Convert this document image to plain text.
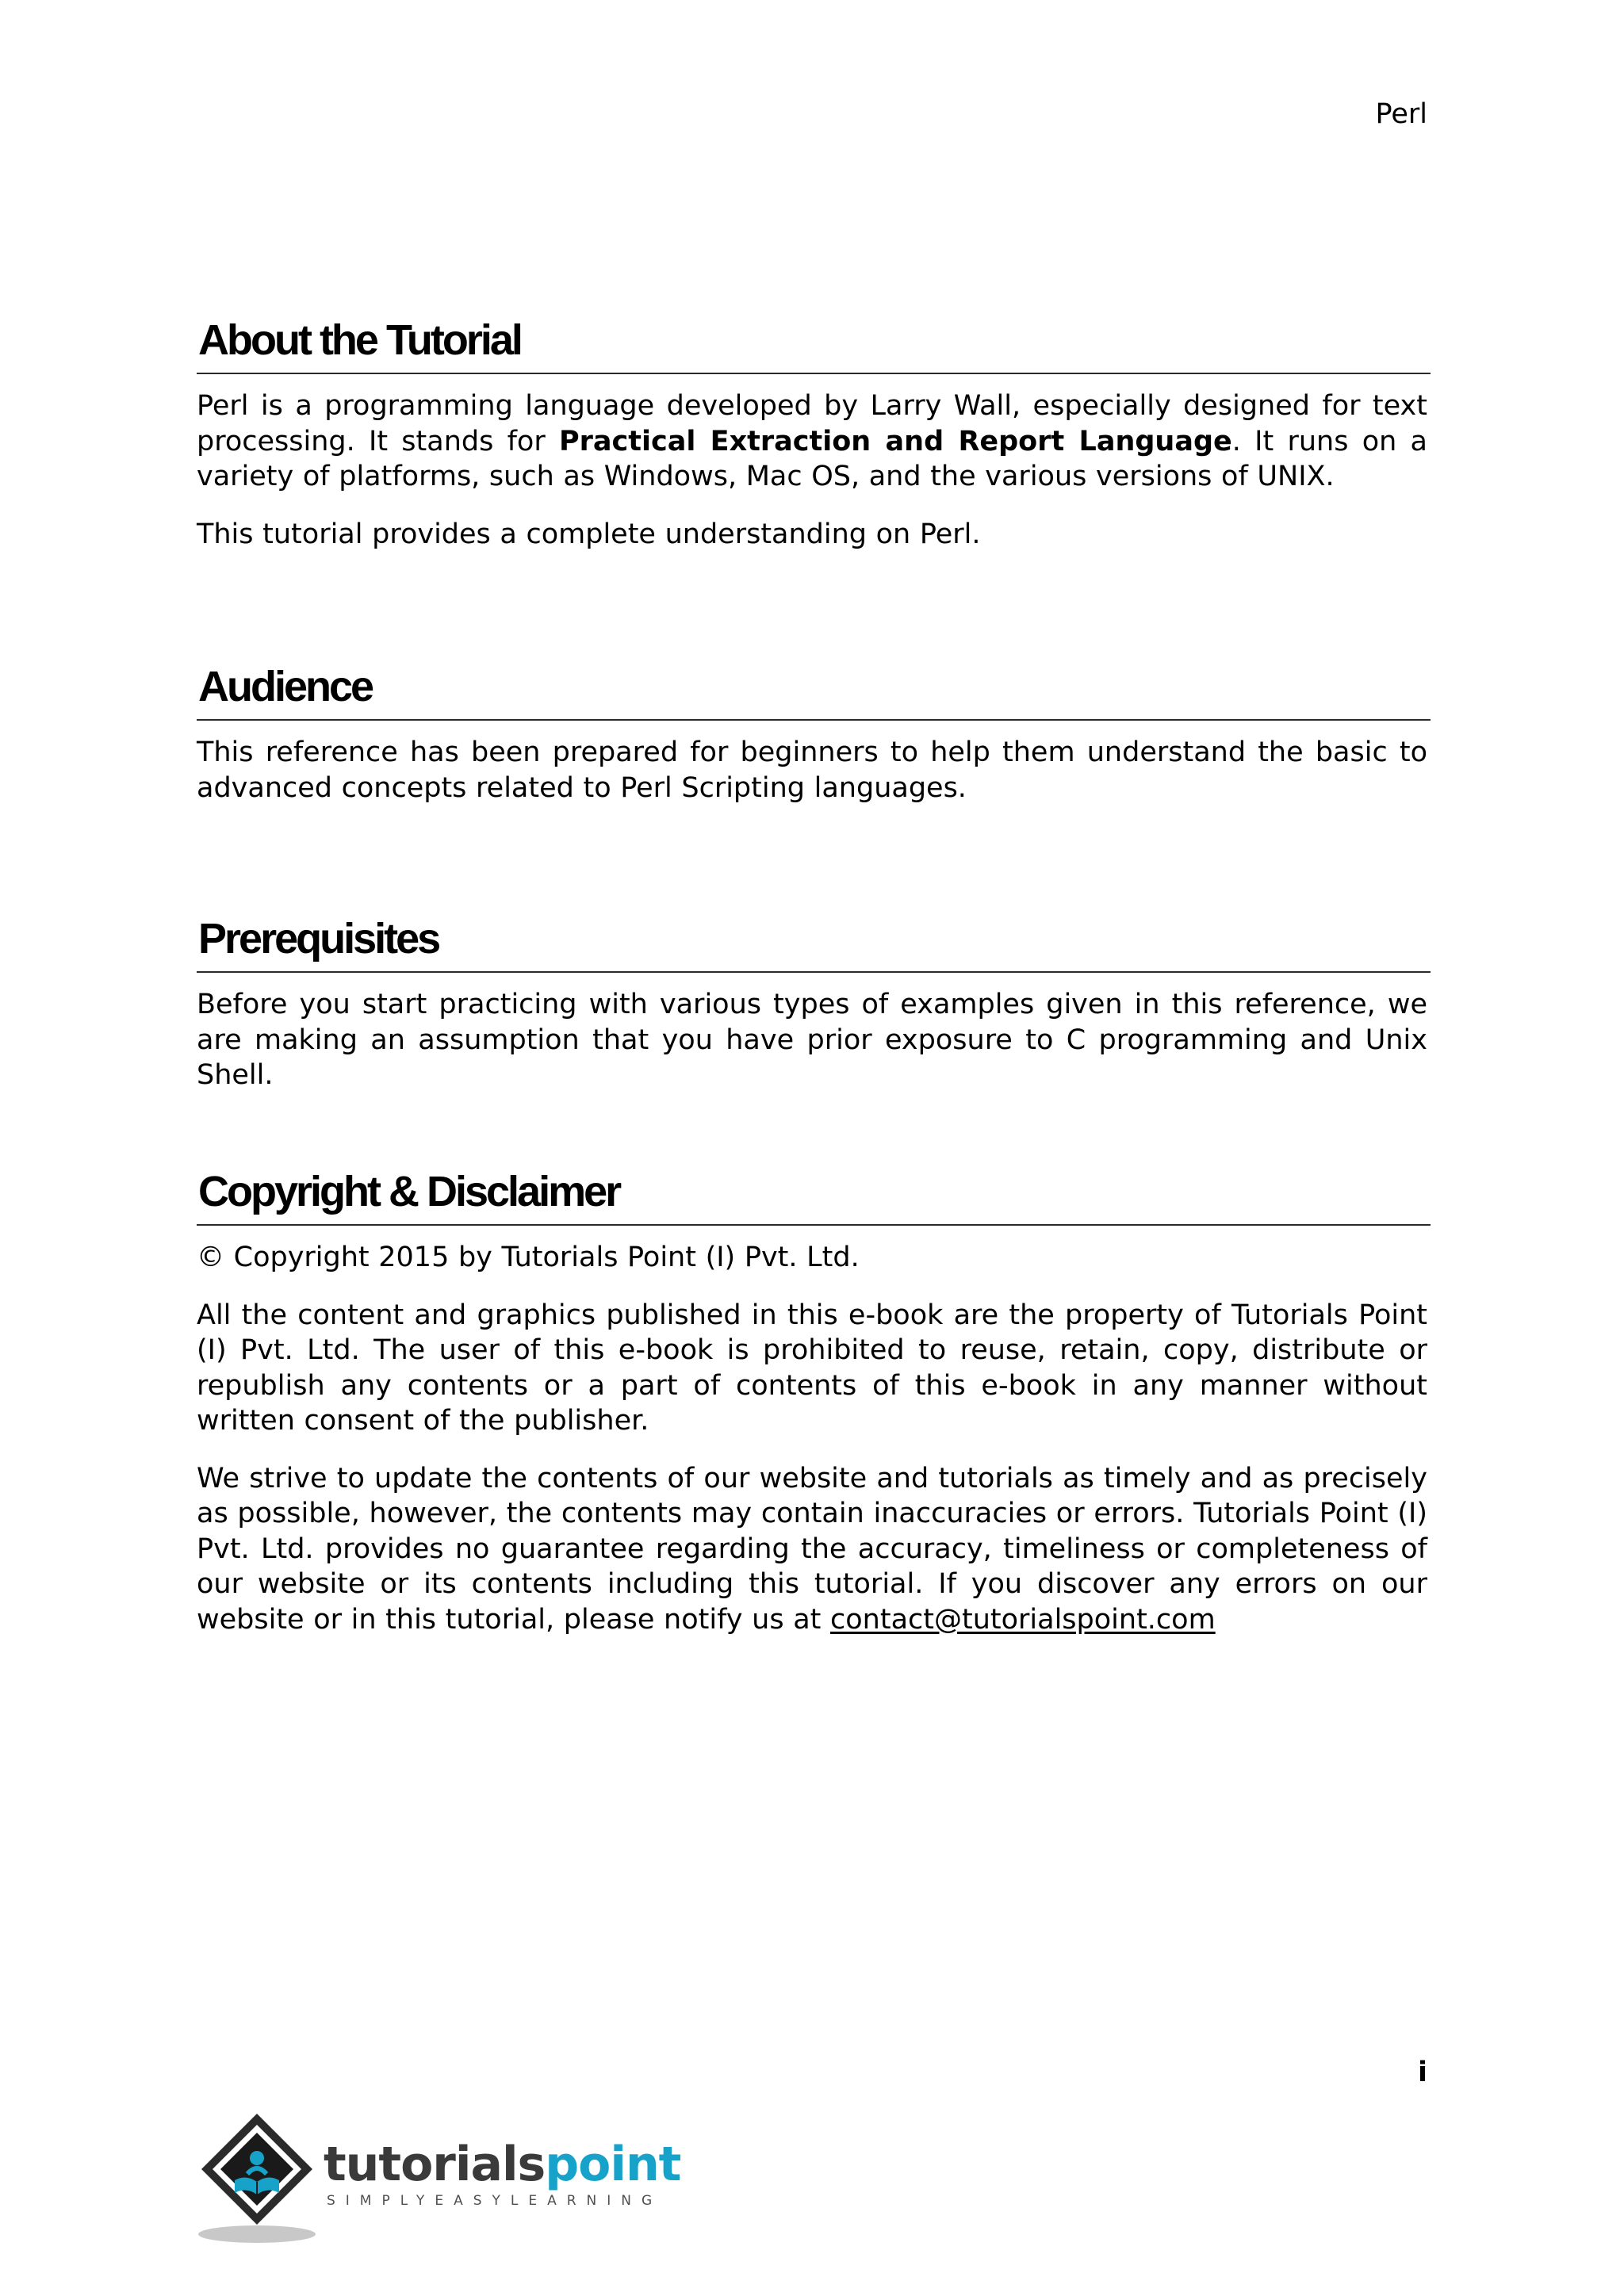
Perl
About the Tutorial

Perl is a programming language developed by Larry Wall, especially designed for text processing. It stands for Practical Extraction and Report Language. It runs on a variety of platforms, such as Windows, Mac OS, and the various versions of UNIX.

This tutorial provides a complete understanding on Perl.

Audience

This reference has been prepared for beginners to help them understand the basic to advanced concepts related to Perl Scripting languages.

Prerequisites

Before you start practicing with various types of examples given in this reference, we are making an assumption that you have prior exposure to C programming and Unix Shell.

Copyright & Disclaimer

© Copyright 2015 by Tutorials Point (I) Pvt. Ltd.

All the content and graphics published in this e-book are the property of Tutorials Point (I) Pvt. Ltd. The user of this e-book is prohibited to reuse, retain, copy, distribute or republish any contents or a part of contents of this e-book in any manner without written consent of the publisher.

We strive to update the contents of our website and tutorials as timely and as precisely as possible, however, the contents may contain inaccuracies or errors. Tutorials Point (I) Pvt. Ltd. provides no guarantee regarding the accuracy, timeliness or completeness of our website or its contents including this tutorial. If you discover any errors on our website or in this tutorial, please notify us at contact@tutorialspoint.com

i
tutorialspoint
SIMPLYEASYLEARNING
